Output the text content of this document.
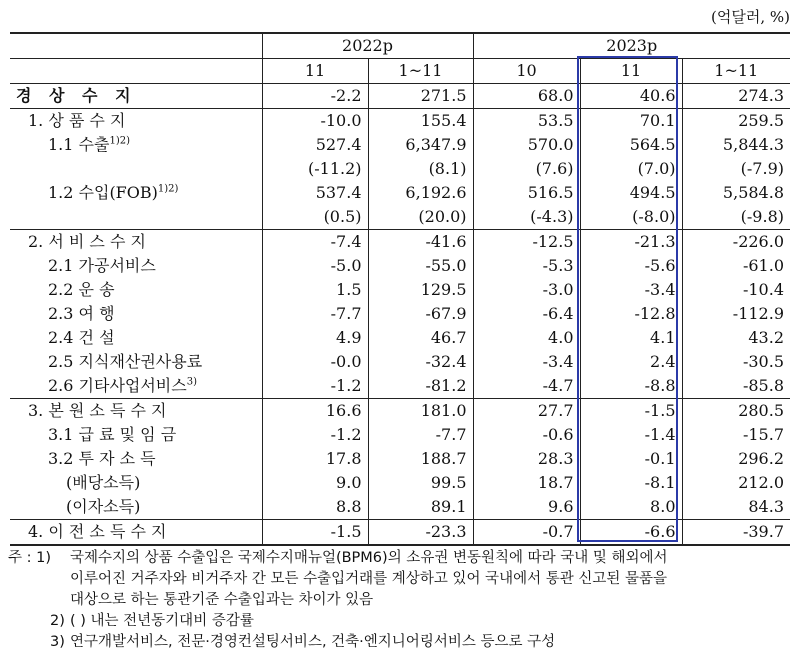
(억달러, %)
	2022p		2023p		
	11	1~11	10	11	1~11
경 상 수 지	-2.2	271.5	68.0	40.6	274.3
1. 상 품 수 지	-10.0	155.4	53.5	70.1	259.5
1.1 수출$^{1)2)}$	527.4	6,347.9	570.0	564.5	5,844.3
	(-11.2)	(8.1)	(7.6)	(7.0)	(-7.9)
1.2 수입(FOB)$^{1)2)}$	537.4	6,192.6	516.5	494.5	5,584.8
	(0.5)	(20.0)	(-4.3)	(-8.0)	(-9.8)
2. 서 비 스 수 지	-7.4	-41.6	-12.5	-21.3	-226.0
2.1 가공서비스	-5.0	-55.0	-5.3	-5.6	-61.0
2.2 운 송	1.5	129.5	-3.0	-3.4	-10.4
2.3 여 행	-7.7	-67.9	-6.4	-12.8	-112.9
2.4 건 설	4.9	46.7	4.0	4.1	43.2
2.5 지식재산권사용료	-0.0	-32.4	-3.4	2.4	-30.5
2.6 기타사업서비스$^{3)}$	-1.2	-81.2	-4.7	-8.8	-85.8
3. 본 원 소 득 수 지	16.6	181.0	27.7	-1.5	280.5
3.1 급 료 및 임 금	-1.2	-7.7	-0.6	-1.4	-15.7
3.2 투 자 소 득	17.8	188.7	28.3	-0.1	296.2
(배당소득)	9.0	99.5	18.7	-8.1	212.0
(이자소득)	8.8	89.1	9.6	8.0	84.3
4. 이 전 소 득 수 지	-1.5	-23.3	-0.7	-6.6	-39.7
주 : 1) 국제수지의 상품 수출입은 국제수지매뉴얼(BPM6)의 소유권 변동원칙에 따라 국내 및 해외에서
이루어진 거주자와 비거주자 간 모든 수출입거래를 계상하고 있어 국내에서 통관 신고된 물품을
대상으로 하는 통관기준 수출입과는 차이가 있음
2) ( ) 내는 전년동기대비 증감률
3) 연구개발서비스, 전문·경영컨설팅서비스, 건축·엔지니어링서비스 등으로 구성
